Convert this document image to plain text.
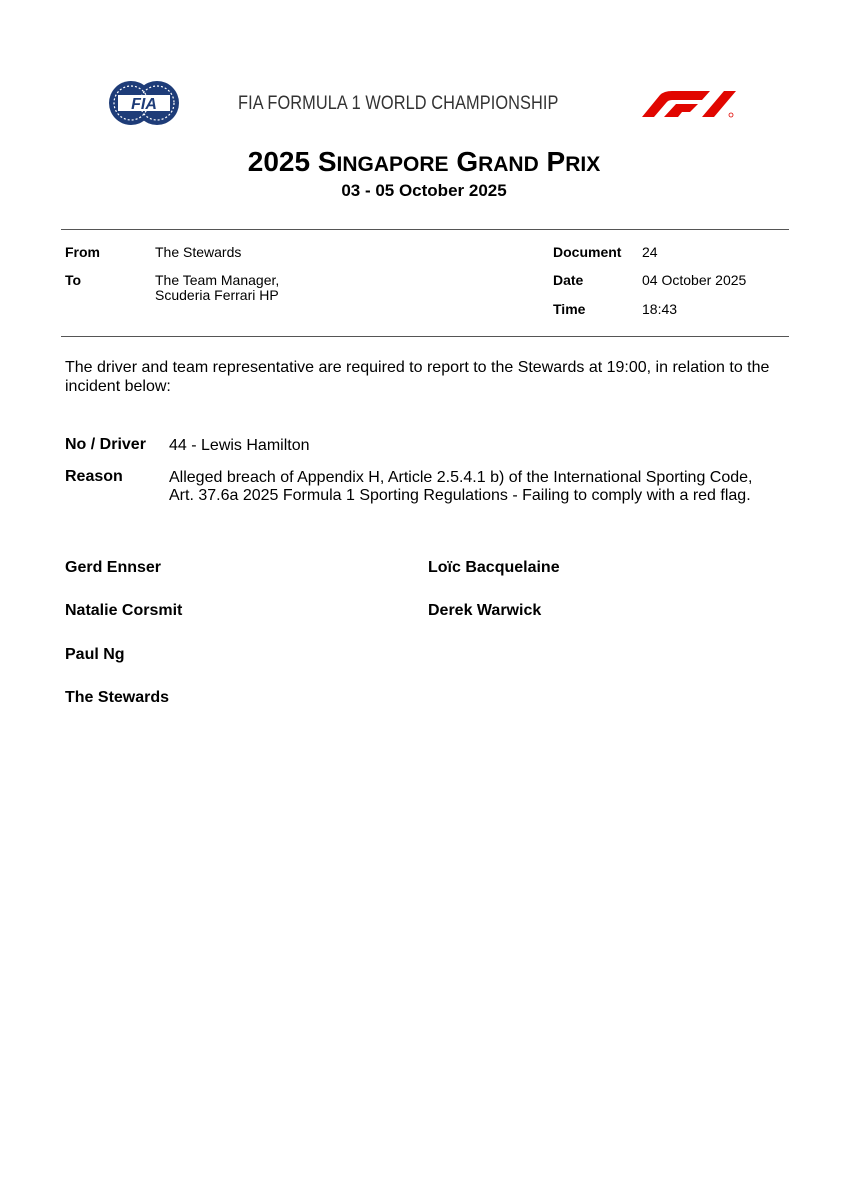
FIA	FIA FORMULA 1 WORLD CHAMPIONSHIP
2025 SINGAPORE GRAND PRIX
03 - 05 October 2025
From	The Stewards
To	The Team Manager,
Scuderia Ferrari HP
Document 24
Date	04 October 2025
Time	18:43
The driver and team representative are required to report to the Stewards at 19:00, in relation to the
incident below:
No / Driver 44 - Lewis Hamilton
Reason	Alleged breach of Appendix H, Article 2.5.4.1 b) of the International Sporting Code,
Art. 37.6a 2025 Formula 1 Sporting Regulations - Failing to comply with a red flag.
Gerd Ennser	Loïc Bacquelaine
Natalie Corsmit	Derek Warwick
Paul Ng
The Stewards
